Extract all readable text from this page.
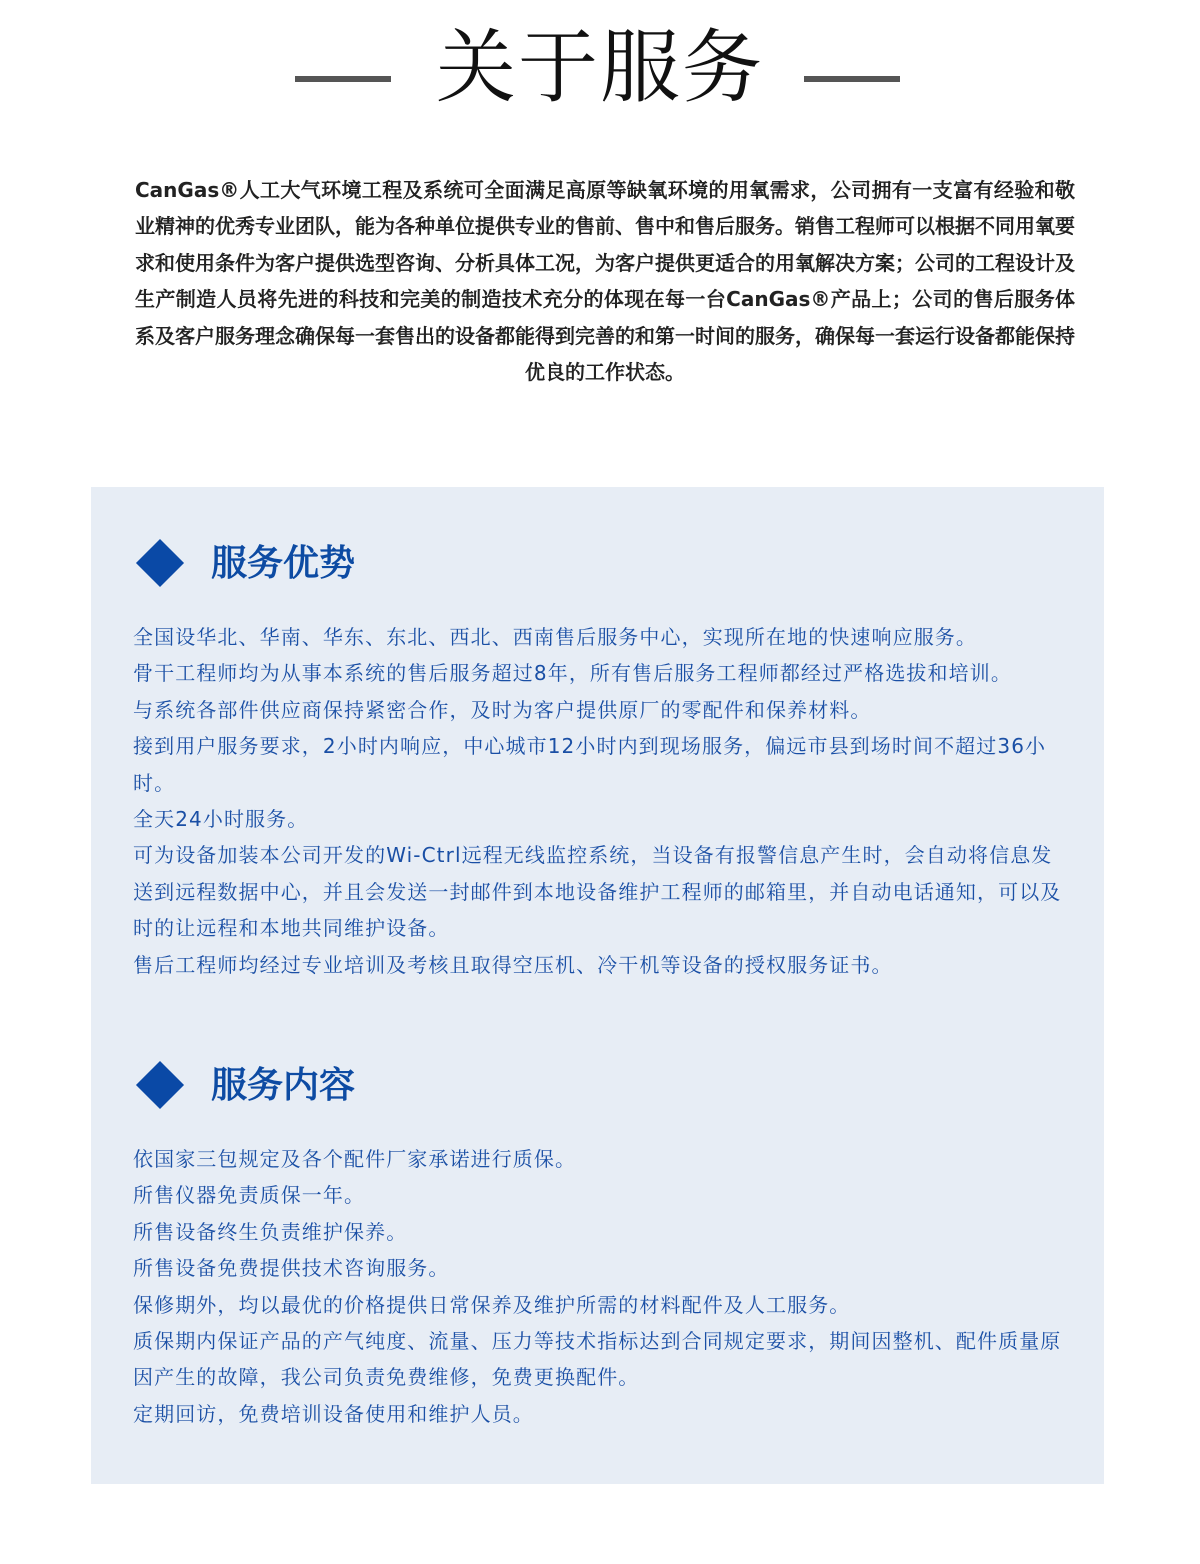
关于服务
CanGas®人工大气环境工程及系统可全面满足高原等缺氧环境的用氧需求，公司拥有一支富有经验和敬业精神的优秀专业团队，能为各种单位提供专业的售前、售中和售后服务。销售工程师可以根据不同用氧要求和使用条件为客户提供选型咨询、分析具体工况，为客户提供更适合的用氧解决方案；公司的工程设计及生产制造人员将先进的科技和完美的制造技术充分的体现在每一台CanGas®产品上；公司的售后服务体系及客户服务理念确保每一套售出的设备都能得到完善的和第一时间的服务，确保每一套运行设备都能保持优良的工作状态。
服务优势
全国设华北、华南、华东、东北、西北、西南售后服务中心，实现所在地的快速响应服务。
骨干工程师均为从事本系统的售后服务超过8年，所有售后服务工程师都经过严格选拔和培训。
与系统各部件供应商保持紧密合作，及时为客户提供原厂的零配件和保养材料。
接到用户服务要求，2小时内响应，中心城市12小时内到现场服务，偏远市县到场时间不超过36小时。
全天24小时服务。
可为设备加装本公司开发的Wi-Ctrl远程无线监控系统，当设备有报警信息产生时，会自动将信息发送到远程数据中心，并且会发送一封邮件到本地设备维护工程师的邮箱里，并自动电话通知，可以及时的让远程和本地共同维护设备。
售后工程师均经过专业培训及考核且取得空压机、冷干机等设备的授权服务证书。
服务内容
依国家三包规定及各个配件厂家承诺进行质保。
所售仪器免责质保一年。
所售设备终生负责维护保养。
所售设备免费提供技术咨询服务。
保修期外，均以最优的价格提供日常保养及维护所需的材料配件及人工服务。
质保期内保证产品的产气纯度、流量、压力等技术指标达到合同规定要求，期间因整机、配件质量原因产生的故障，我公司负责免费维修，免费更换配件。
定期回访，免费培训设备使用和维护人员。
